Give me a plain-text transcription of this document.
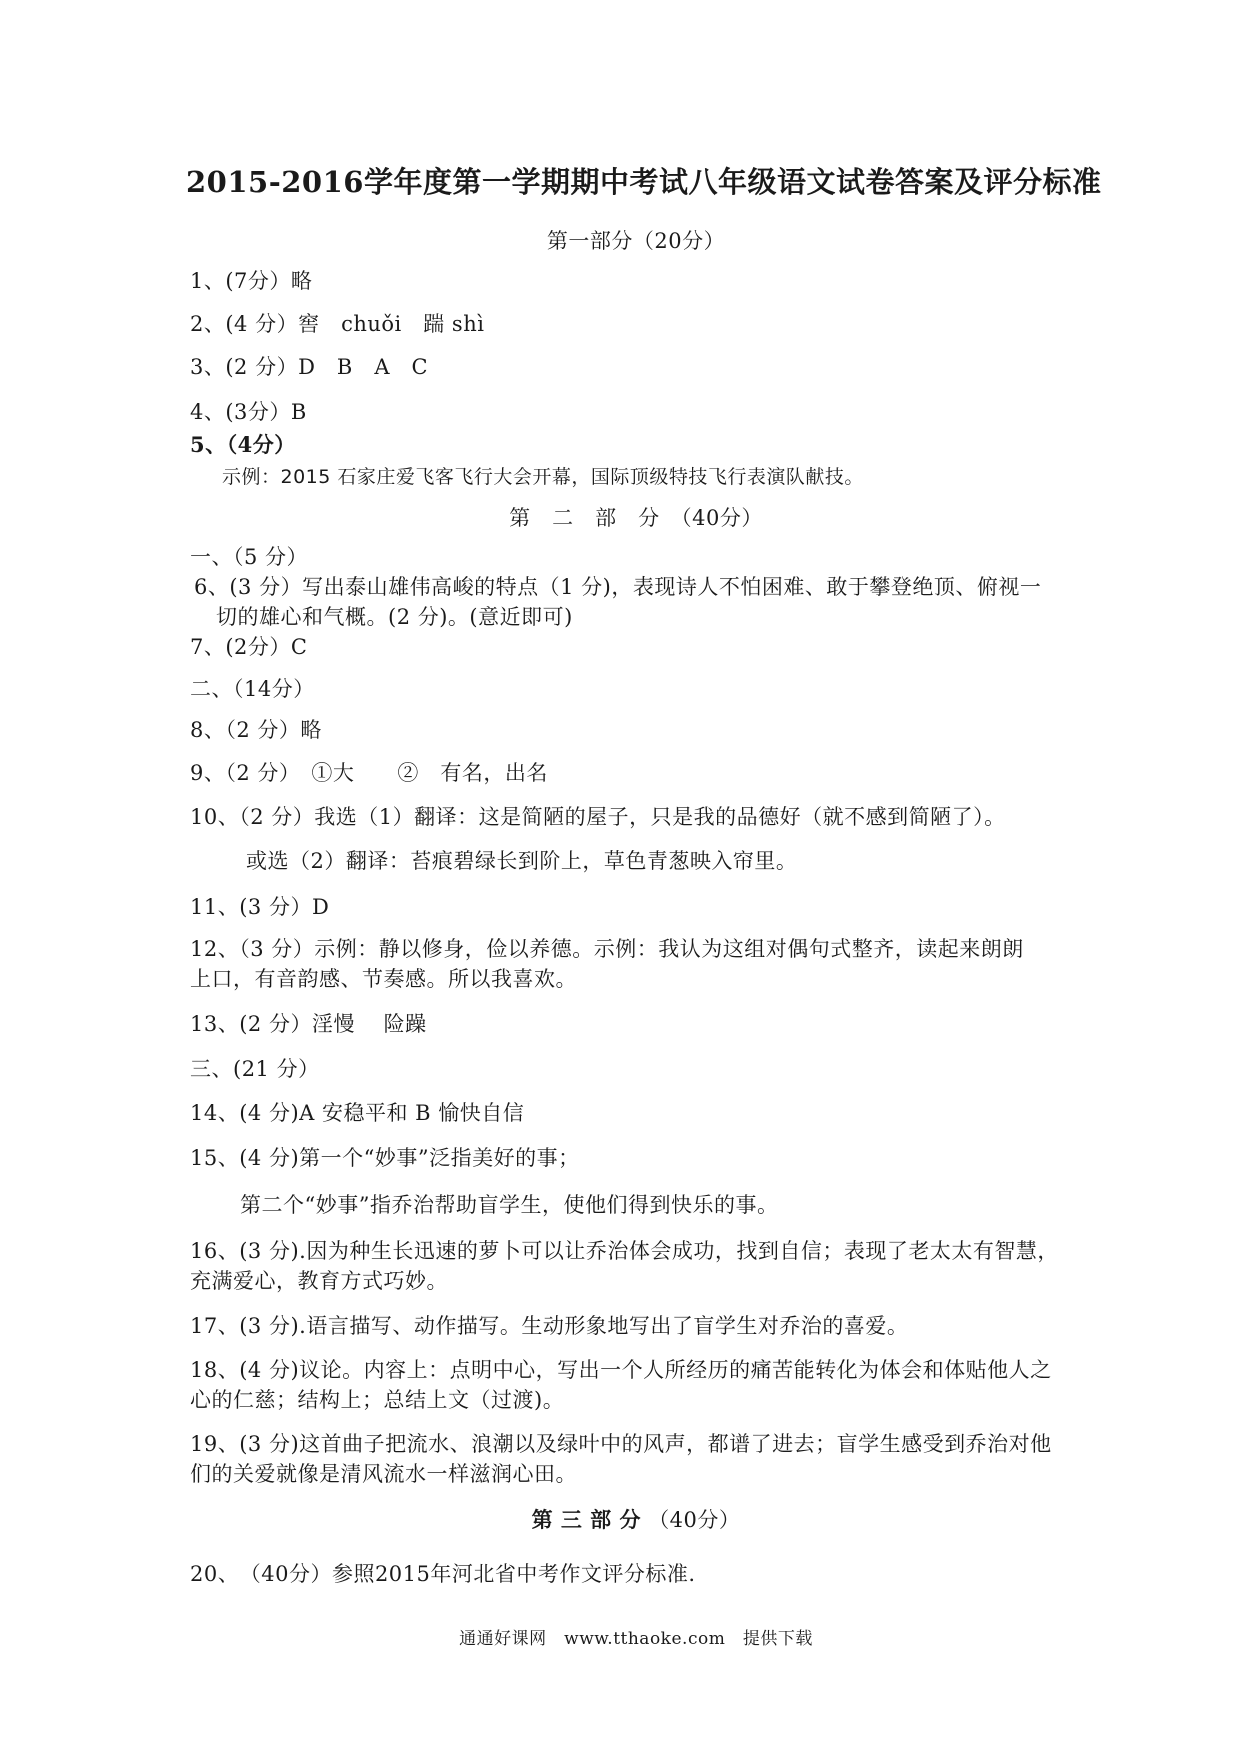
2015-2016学年度第一学期期中考试八年级语文试卷答案及评分标准
第一部分（20分）
1、(7分）略
2、(4 分）窖　chuǒi　踹 shì
3、(2 分）D　B　A　C
4、(3分）B
5、（4分）
示例：2015 石家庄爱飞客飞行大会开幕，国际顶级特技飞行表演队献技。
第　二　部　分　（40分）
一、（5 分）
6、(3 分）写出泰山雄伟高峻的特点（1 分)，表现诗人不怕困难、敢于攀登绝顶、俯视一
切的雄心和气概。(2 分)。(意近即可)
7、(2分）C
二、（14分）
8、（2 分）略
9、（2 分）　①大　　②　有名，出名
10、（2 分）我选（1）翻译：这是简陋的屋子，只是我的品德好（就不感到简陋了）。
或选（2）翻译：苔痕碧绿长到阶上，草色青葱映入帘里。
11、(3 分）D
12、（3 分）示例：静以修身，俭以养德。示例：我认为这组对偶句式整齐，读起来朗朗
上口，有音韵感、节奏感。所以我喜欢。
13、(2 分）淫慢　 险躁
三、(21 分）
14、(4 分)A 安稳平和 B 愉快自信
15、(4 分)第一个“妙事”泛指美好的事；
第二个“妙事”指乔治帮助盲学生，使他们得到快乐的事。
16、(3 分).因为种生长迅速的萝卜可以让乔治体会成功，找到自信；表现了老太太有智慧，
充满爱心，教育方式巧妙。
17、(3 分).语言描写、动作描写。生动形象地写出了盲学生对乔治的喜爱。
18、(4 分)议论。内容上：点明中心，写出一个人所经历的痛苦能转化为体会和体贴他人之
心的仁慈；结构上；总结上文（过渡)。
19、(3 分)这首曲子把流水、浪潮以及绿叶中的风声，都谱了进去；盲学生感受到乔治对他
们的关爱就像是清风流水一样滋润心田。
第 三 部 分 （40分）
20、　（40分）参照2015年河北省中考作文评分标准.
通通好课网　www.tthaoke.com　提供下载
